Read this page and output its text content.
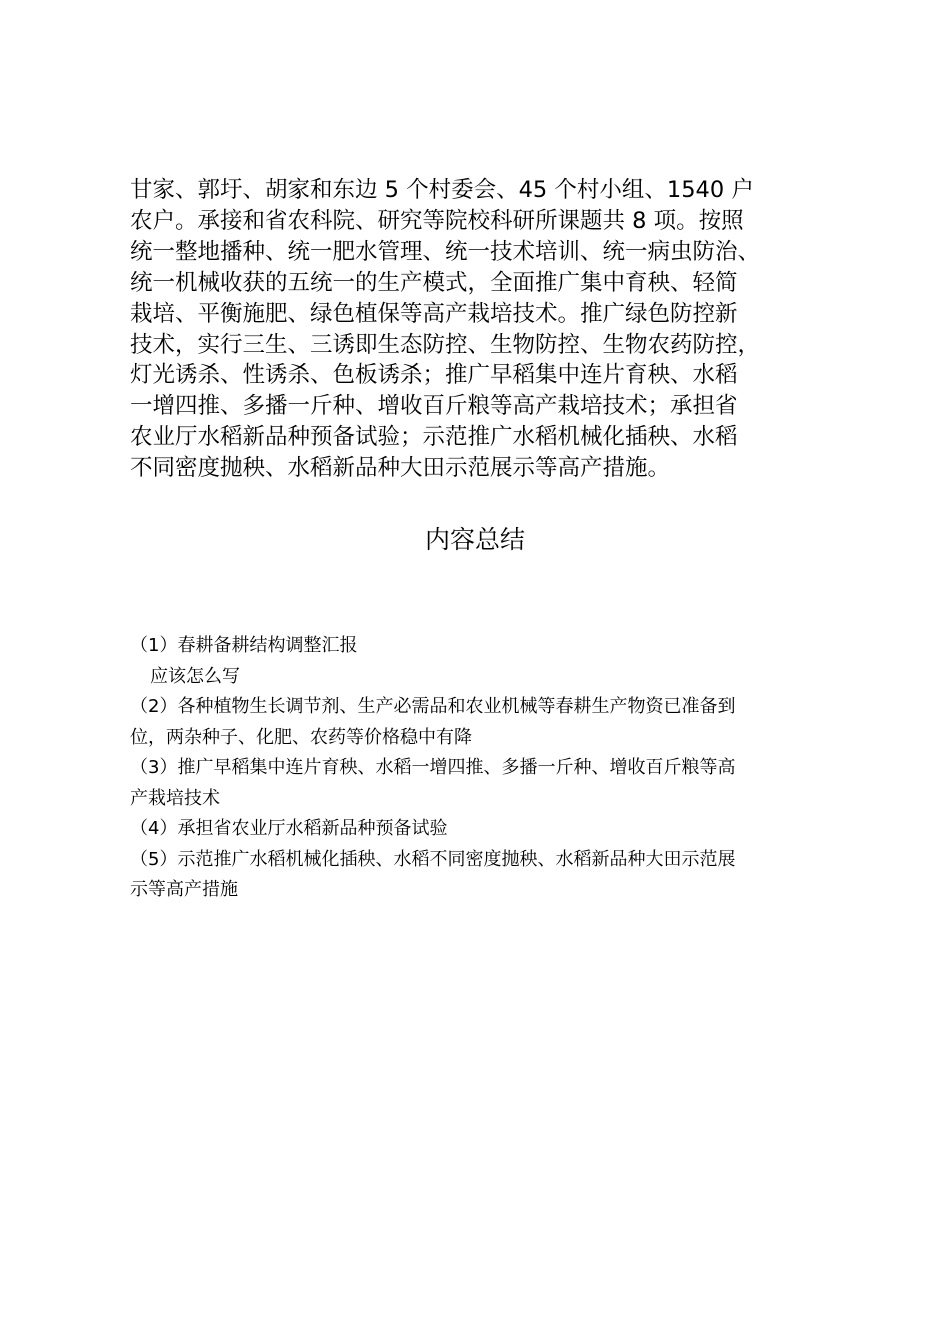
甘家、郭圩、胡家和东边 5 个村委会、45 个村小组、1540 户
农户。承接和省农科院、研究等院校科研所课题共 8 项。按照
统一整地播种、统一肥水管理、统一技术培训、统一病虫防治、
统一机械收获的五统一的生产模式，全面推广集中育秧、轻简
栽培、平衡施肥、绿色植保等高产栽培技术。推广绿色防控新
技术，实行三生、三诱即生态防控、生物防控、生物农药防控，
灯光诱杀、性诱杀、色板诱杀；推广早稻集中连片育秧、水稻
一增四推、多播一斤种、增收百斤粮等高产栽培技术；承担省
农业厅水稻新品种预备试验；示范推广水稻机械化插秧、水稻
不同密度抛秧、水稻新品种大田示范展示等高产措施。

内容总结
（1）春耕备耕结构调整汇报
应该怎么写
（2）各种植物生长调节剂、生产必需品和农业机械等春耕生产物资已准备到
位，两杂种子、化肥、农药等价格稳中有降
（3）推广早稻集中连片育秧、水稻一增四推、多播一斤种、增收百斤粮等高
产栽培技术
（4）承担省农业厅水稻新品种预备试验
（5）示范推广水稻机械化插秧、水稻不同密度抛秧、水稻新品种大田示范展
示等高产措施
